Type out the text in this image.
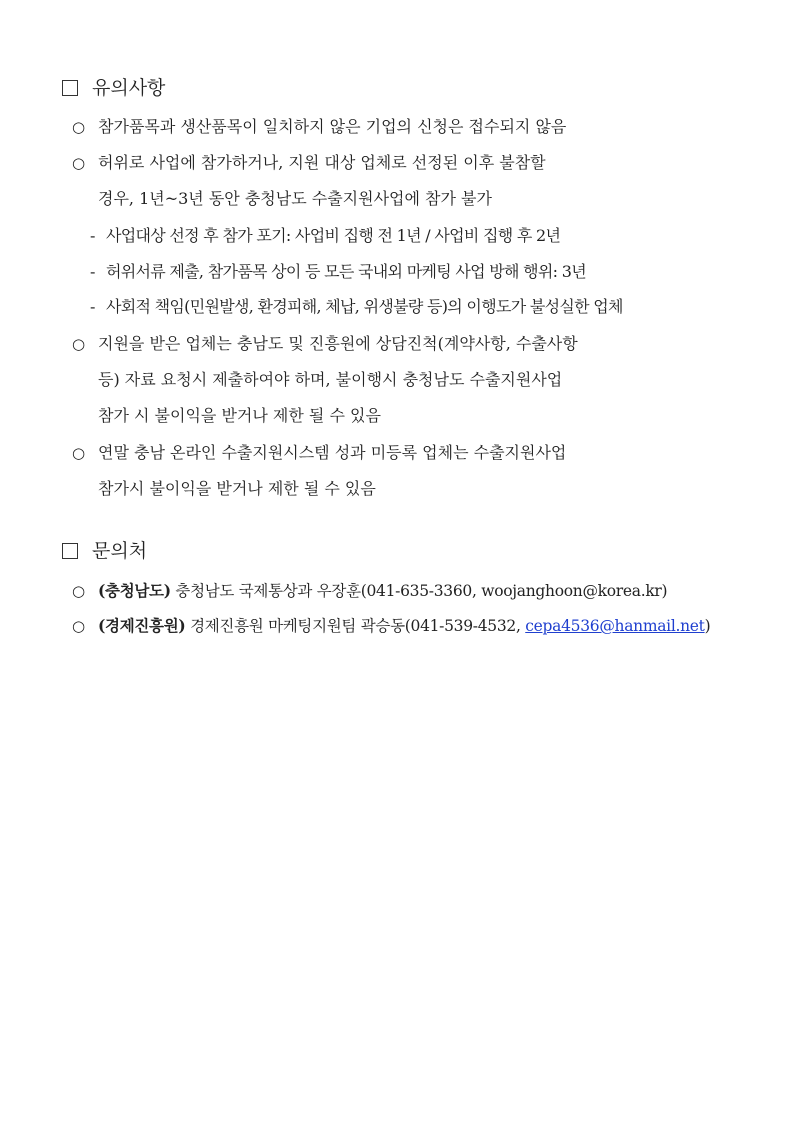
유의사항
○ 참가품목과 생산품목이 일치하지 않은 기업의 신청은 접수되지 않음
○ 허위로 사업에 참가하거나, 지원 대상 업체로 선정된 이후 불참할
경우, 1년~3년 동안 충청남도 수출지원사업에 참가 불가
- 사업대상 선정 후 참가 포기: 사업비 집행 전 1년 / 사업비 집행 후 2년
- 허위서류 제출, 참가품목 상이 등 모든 국내외 마케팅 사업 방해 행위: 3년
- 사회적 책임(민원발생, 환경피해, 체납, 위생불량 등)의 이행도가 불성실한 업체
○ 지원을 받은 업체는 충남도 및 진흥원에 상담진척(계약사항, 수출사항
등) 자료 요청시 제출하여야 하며, 불이행시 충청남도 수출지원사업
참가 시 불이익을 받거나 제한 될 수 있음
○ 연말 충남 온라인 수출지원시스템 성과 미등록 업체는 수출지원사업
참가시 불이익을 받거나 제한 될 수 있음
문의처
○ (충청남도) 충청남도 국제통상과 우장훈(041-635-3360, woojanghoon@korea.kr)
○ (경제진흥원) 경제진흥원 마케팅지원팀 곽승동(041-539-4532, cepa4536@hanmail.net)
